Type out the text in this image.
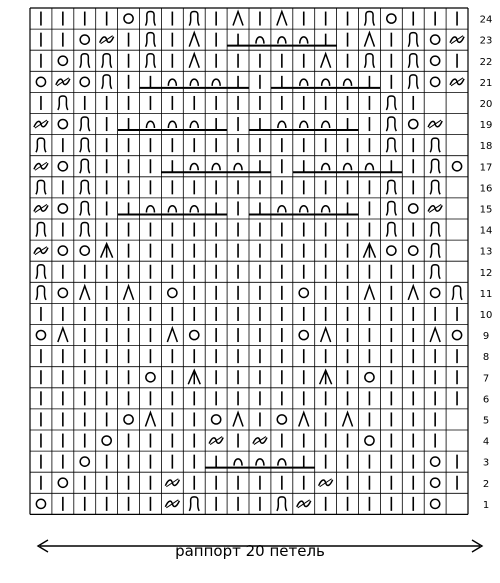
1
2
3
4
5
6
7
8
9
10
11
12
13
14
15
16
17
18
19
20
21
22
23
24
раппорт 20 петель
